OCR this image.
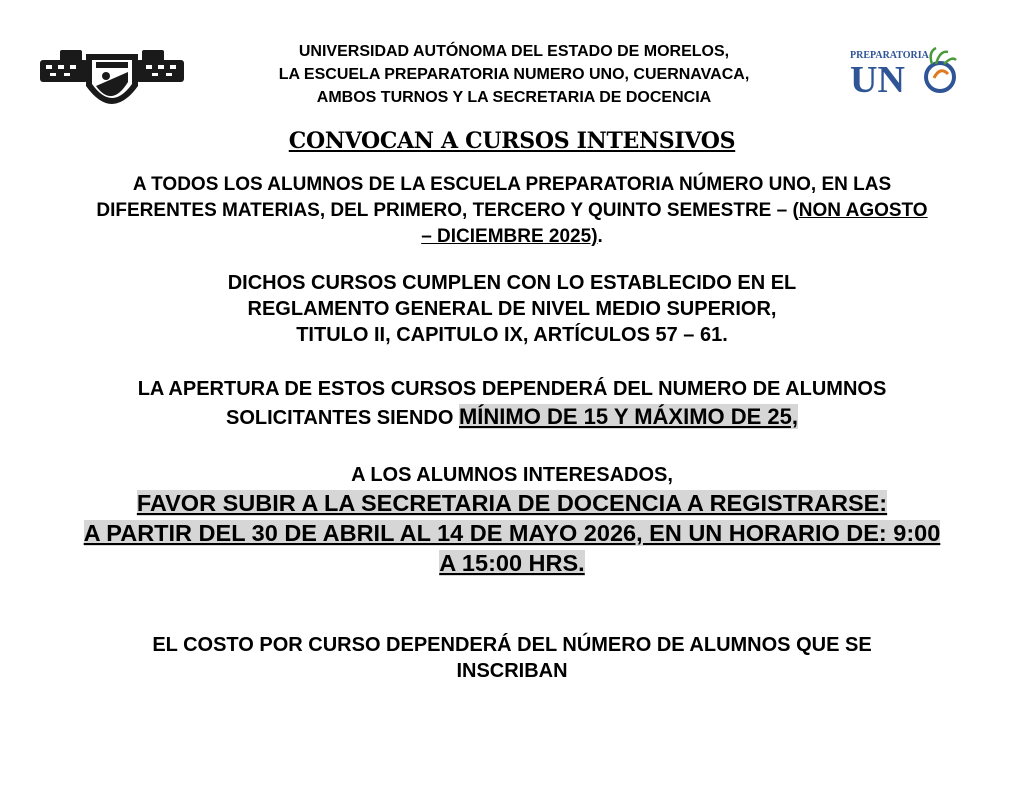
PREPARATORIA
UN
UNIVERSIDAD AUTÓNOMA DEL ESTADO DE MORELOS,
LA ESCUELA PREPARATORIA NUMERO UNO, CUERNAVACA,
AMBOS TURNOS Y LA SECRETARIA DE DOCENCIA
CONVOCAN A CURSOS INTENSIVOS
A TODOS LOS ALUMNOS DE LA ESCUELA PREPARATORIA NÚMERO UNO, EN LAS
DIFERENTES MATERIAS, DEL PRIMERO, TERCERO Y QUINTO SEMESTRE – (NON AGOSTO
– DICIEMBRE 2025).
DICHOS CURSOS CUMPLEN CON LO ESTABLECIDO EN EL
REGLAMENTO GENERAL DE NIVEL MEDIO SUPERIOR,
TITULO II, CAPITULO IX, ARTÍCULOS 57 – 61.
LA APERTURA DE ESTOS CURSOS DEPENDERÁ DEL NUMERO DE ALUMNOS
SOLICITANTES SIENDO MÍNIMO DE 15 Y MÁXIMO DE 25,
A LOS ALUMNOS INTERESADOS,
FAVOR SUBIR A LA SECRETARIA DE DOCENCIA A REGISTRARSE:
A PARTIR DEL 30 DE ABRIL AL 14 DE MAYO 2026, EN UN HORARIO DE: 9:00
A 15:00 HRS.
EL COSTO POR CURSO DEPENDERÁ DEL NÚMERO DE ALUMNOS QUE SE
INSCRIBAN
